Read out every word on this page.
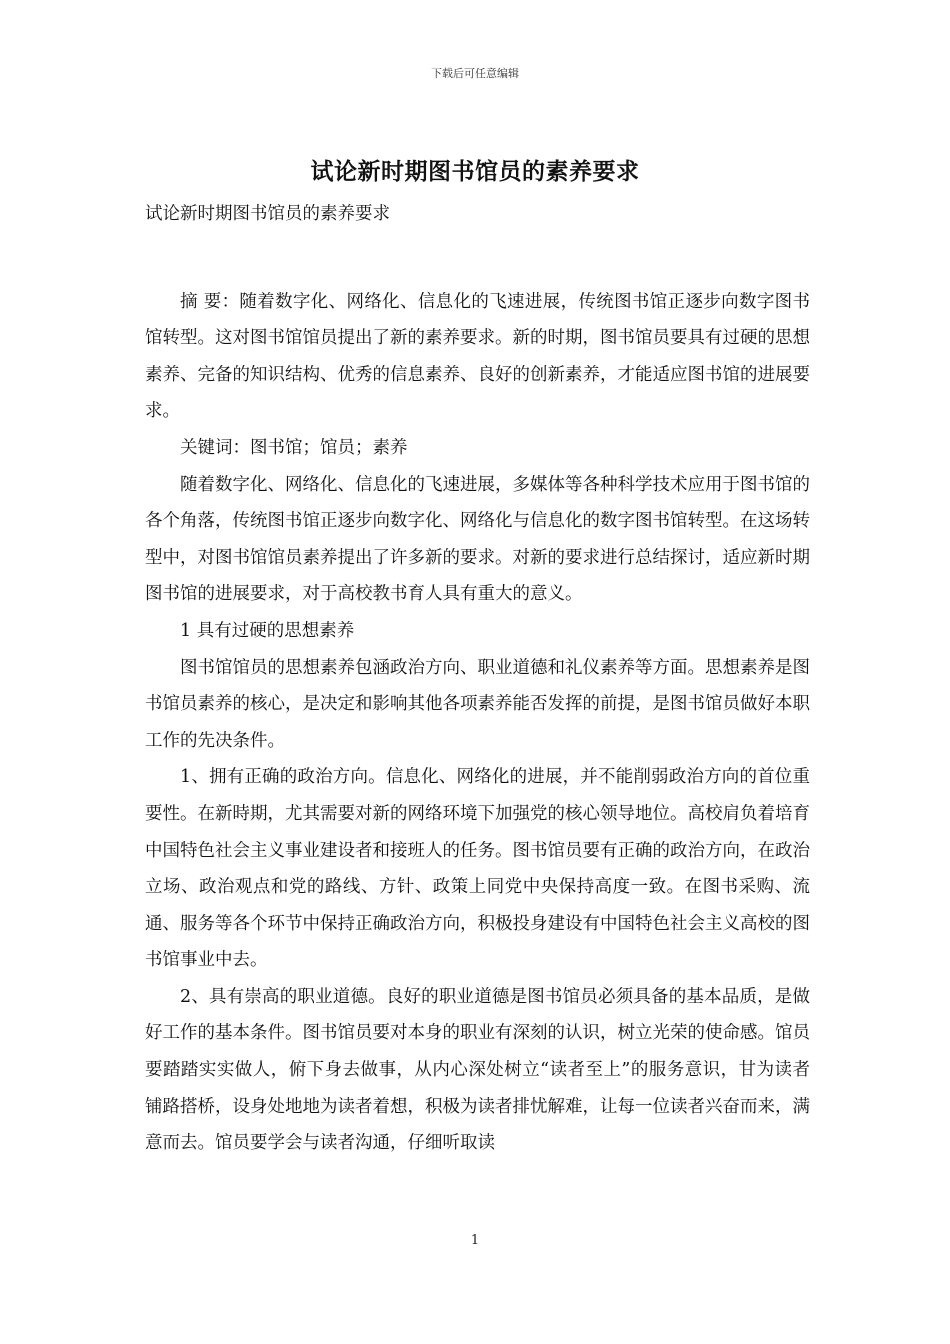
下载后可任意编辑
试论新时期图书馆员的素养要求

试论新时期图书馆员的素养要求

摘 要：随着数字化、网络化、信息化的飞速进展，传统图书馆正逐步向数字图书馆转型。这对图书馆馆员提出了新的素养要求。新的时期，图书馆员要具有过硬的思想素养、完备的知识结构、优秀的信息素养、良好的创新素养，才能适应图书馆的进展要求。

关键词：图书馆；馆员；素养

随着数字化、网络化、信息化的飞速进展，多媒体等各种科学技术应用于图书馆的各个角落，传统图书馆正逐步向数字化、网络化与信息化的数字图书馆转型。在这场转型中，对图书馆馆员素养提出了许多新的要求。对新的要求进行总结探讨，适应新时期图书馆的进展要求，对于高校教书育人具有重大的意义。

1 具有过硬的思想素养

图书馆馆员的思想素养包涵政治方向、职业道德和礼仪素养等方面。思想素养是图书馆员素养的核心，是决定和影响其他各项素养能否发挥的前提，是图书馆员做好本职工作的先决条件。

1、拥有正确的政治方向。信息化、网络化的进展，并不能削弱政治方向的首位重要性。在新時期，尤其需要对新的网络环境下加强党的核心领导地位。高校肩负着培育中国特色社会主义事业建设者和接班人的任务。图书馆员要有正确的政治方向，在政治立场、政治观点和党的路线、方针、政策上同党中央保持高度一致。在图书采购、流通、服务等各个环节中保持正确政治方向，积极投身建设有中国特色社会主义高校的图书馆事业中去。

2、具有崇高的职业道德。良好的职业道德是图书馆员必须具备的基本品质，是做好工作的基本条件。图书馆员要对本身的职业有深刻的认识，树立光荣的使命感。馆员要踏踏实实做人，俯下身去做事，从内心深处树立“读者至上”的服务意识，甘为读者铺路搭桥，设身处地地为读者着想，积极为读者排忧解难，让每一位读者兴奋而来，满意而去。馆员要学会与读者沟通，仔细听取读

1
